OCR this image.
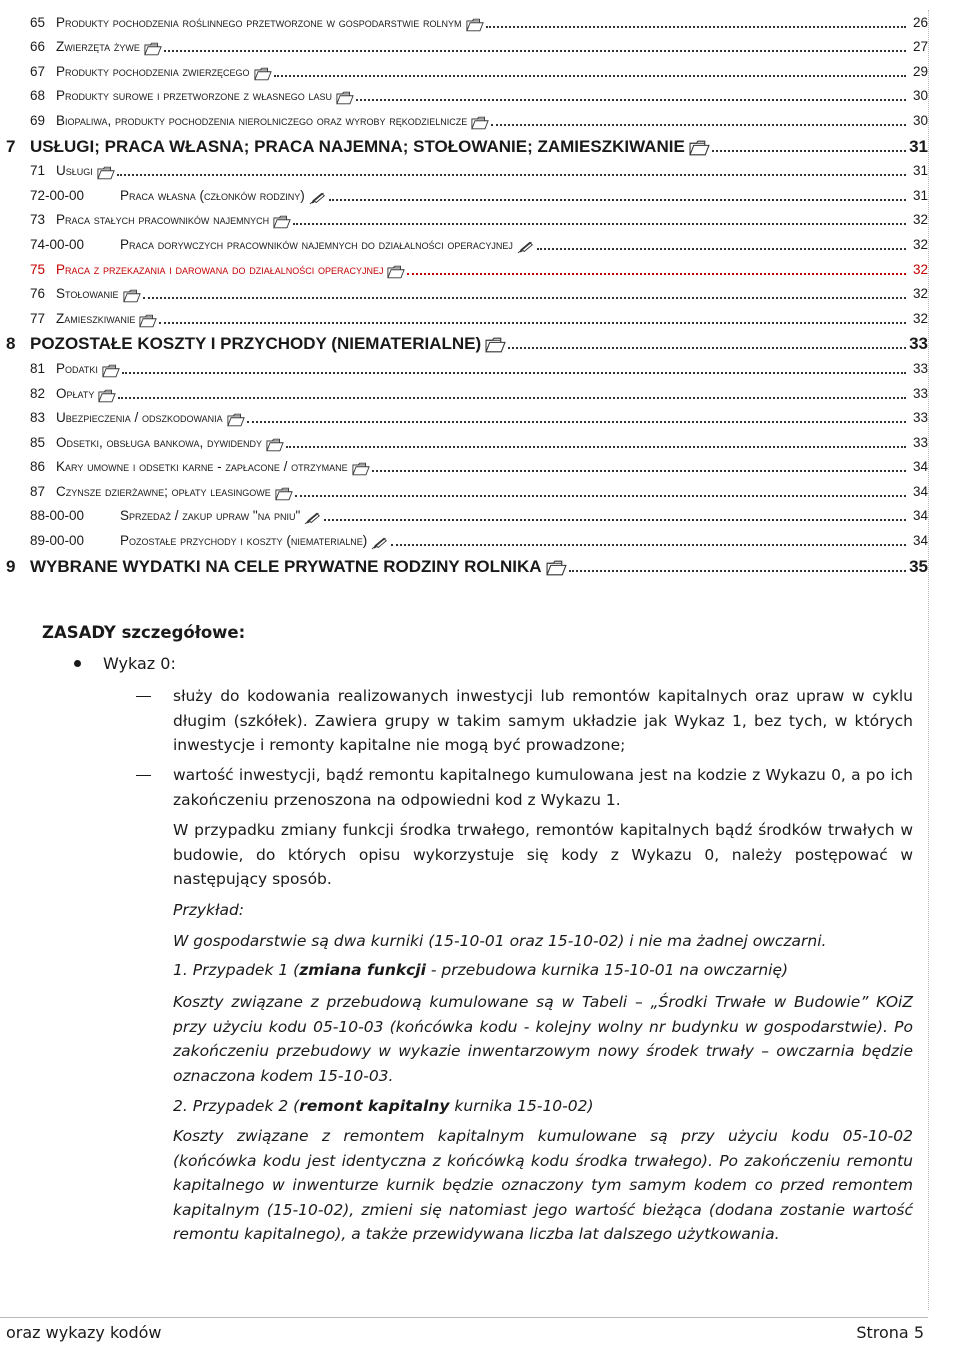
65 Produkty pochodzenia roślinnego przetworzone w gospodarstwie rolnym	26
66 Zwierzęta żywe	27
67 Produkty pochodzenia zwierzęcego	29
68 Produkty surowe i przetworzone z własnego lasu	30
69 Biopaliwa, produkty pochodzenia nierolniczego oraz wyroby rękodzielnicze	30
7 USŁUGI; PRACA WŁASNA; PRACA NAJEMNA; STOŁOWANIE; ZAMIESZKIWANIE	31
71 Usługi	31
72-00-00	Praca własna (członków rodziny)	31
73 Praca stałych pracowników najemnych	32
74-00-00	Praca dorywczych pracowników najemnych do działalności operacyjnej	32
75 Praca z przekazania i darowana do działalności operacyjnej	32
76 Stołowanie	32
77 Zamieszkiwanie	32
8 POZOSTAŁE KOSZTY I PRZYCHODY (NIEMATERIALNE)	33
81 Podatki	33
82 Opłaty	33
83 Ubezpieczenia / odszkodowania	33
85 Odsetki, obsługa bankowa, dywidendy	33
86 Kary umowne i odsetki karne - zapłacone / otrzymane	34
87 Czynsze dzierżawne; opłaty leasingowe	34
88-00-00	Sprzedaż / zakup upraw "na pniu"	34
89-00-00	Pozostałe przychody i koszty (niematerialne)	34
9 WYBRANE WYDATKI NA CELE PRYWATNE RODZINY ROLNIKA	35
ZASADY szczegółowe:
Wykaz 0:
służy do kodowania realizowanych inwestycji lub remontów kapitalnych oraz upraw w cyklu długim (szkółek). Zawiera grupy w takim samym układzie jak Wykaz 1, bez tych, w których inwestycje i remonty kapitalne nie mogą być prowadzone;
wartość inwestycji, bądź remontu kapitalnego kumulowana jest na kodzie z Wykazu 0, a po ich zakończeniu przenoszona na odpowiedni kod z Wykazu 1.
W przypadku zmiany funkcji środka trwałego, remontów kapitalnych bądź środków trwałych w budowie, do których opisu wykorzystuje się kody z Wykazu 0, należy postępować w następujący sposób.
Przykład:
W gospodarstwie są dwa kurniki (15-10-01 oraz 15-10-02) i nie ma żadnej owczarni.
1. Przypadek 1 (zmiana funkcji - przebudowa kurnika 15-10-01 na owczarnię)
Koszty związane z przebudową kumulowane są w Tabeli – „Środki Trwałe w Budowie” KOiZ przy użyciu kodu 05-10-03 (końcówka kodu - kolejny wolny nr budynku w gospodarstwie). Po zakończeniu przebudowy w wykazie inwentarzowym nowy środek trwały – owczarnia będzie oznaczona kodem 15-10-03.
2. Przypadek 2 (remont kapitalny kurnika 15-10-02)
Koszty związane z remontem kapitalnym kumulowane są przy użyciu kodu 05-10-02 (końcówka kodu jest identyczna z końcówką kodu środka trwałego). Po zakończeniu remontu kapitalnego w inwenturze kurnik będzie oznaczony tym samym kodem co przed remontem kapitalnym (15-10-02), zmieni się natomiast jego wartość bieżąca (dodana zostanie wartość remontu kapitalnego), a także przewidywana liczba lat dalszego użytkowania.
oraz wykazy kodów	Strona 5
